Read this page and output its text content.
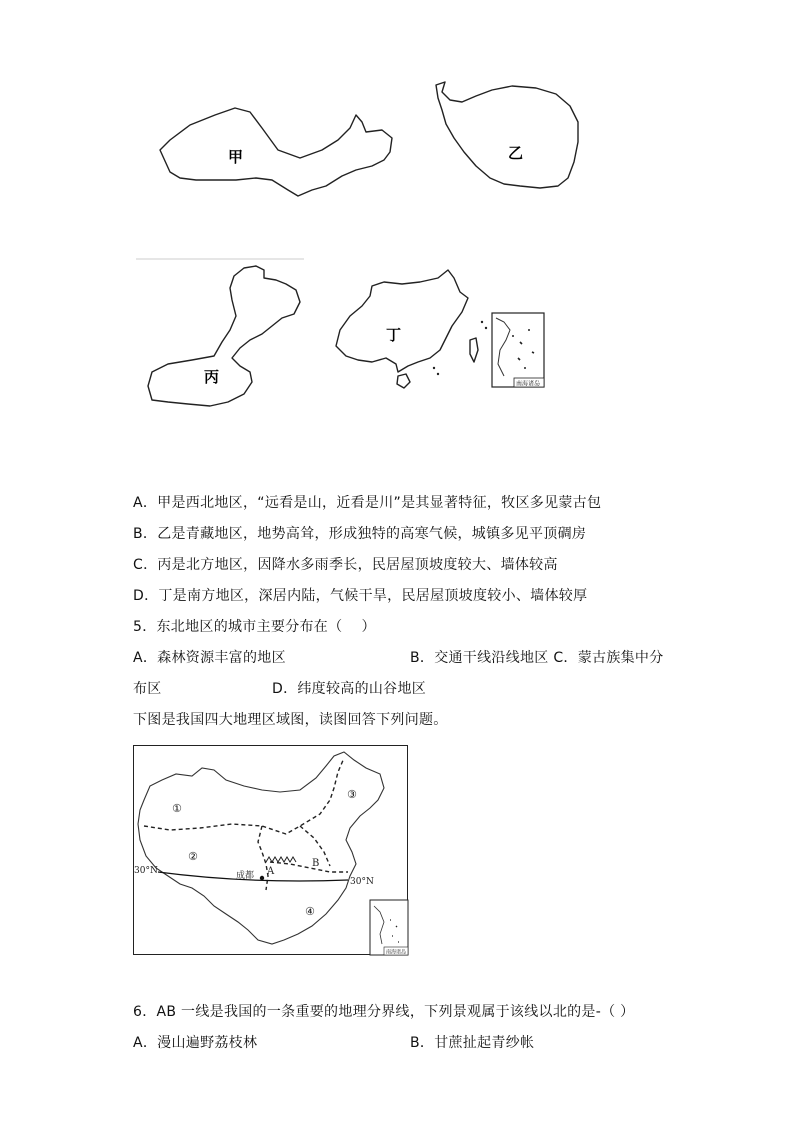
南海诸岛
甲	乙
丙
丁
A．甲是西北地区，“远看是山，近看是川”是其显著特征，牧区多见蒙古包
B．乙是青藏地区，地势高耸，形成独特的高寒气候，城镇多见平顶碉房
C．丙是北方地区，因降水多雨季长，民居屋顶坡度较大、墙体较高
D．丁是南方地区，深居内陆，气候干旱，民居屋顶坡度较小、墙体较厚
5．东北地区的城市主要分布在（　 ）
A．森林资源丰富的地区	B．交通干线沿线地区 C．蒙古族集中分
布区	D．纬度较高的山谷地区
下图是我国四大地理区域图，读图回答下列问题。
①
②
③
④
30°N
30°N
成都 A
B
南海诸岛
6．AB 一线是我国的一条重要的地理分界线，下列景观属于该线以北的是-（ ）
A．漫山遍野荔枝林	B．甘蔗扯起青纱帐
